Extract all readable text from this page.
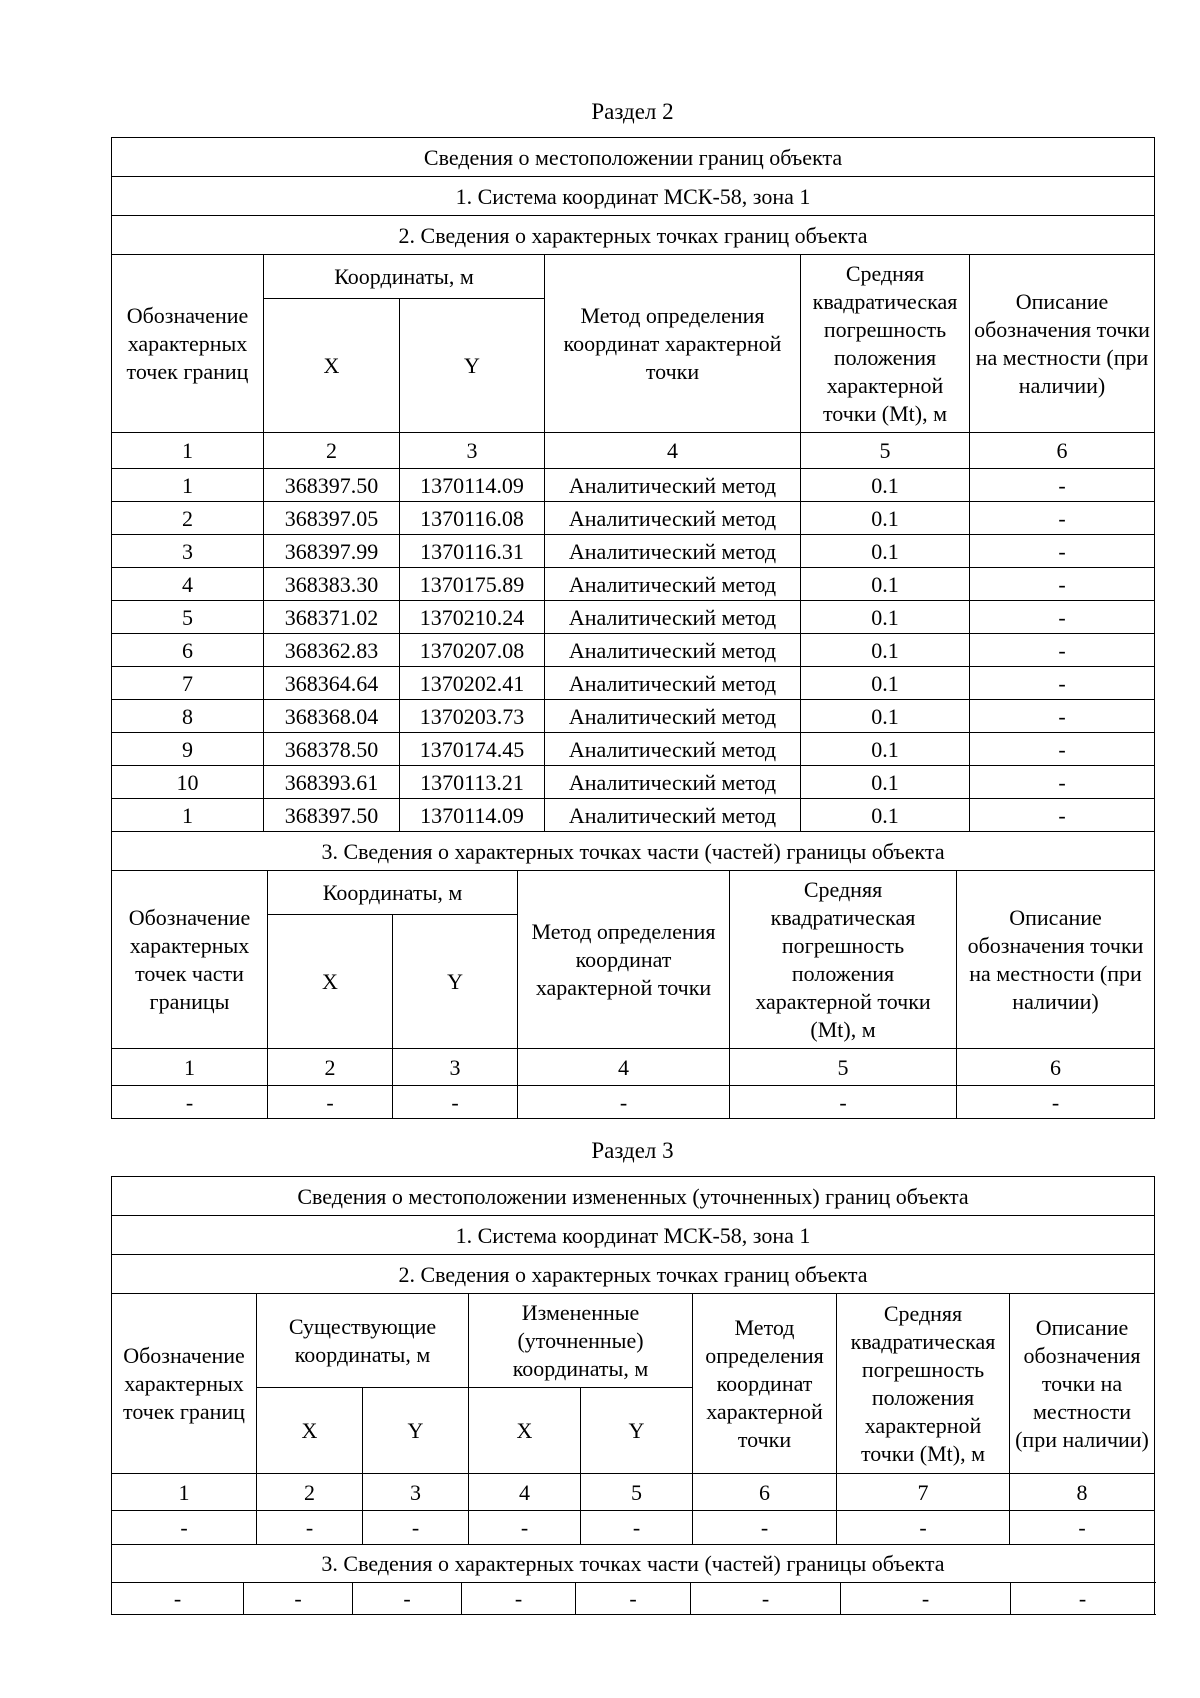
Раздел 2
Сведения о местоположении границ объекта					
1. Система координат МСК-58, зона 1					
2. Сведения о характерных точках границ объекта					
Обозначение характерных точек границ	Координаты, м		Метод определения координат характерной точки	Средняя квадратическая погрешность положения характерной точки (Mt), м	Описание обозначения точки на местности (при наличии)
	X	Y			
1	2	3	4	5	6
1	368397.50	1370114.09	Аналитический метод	0.1	-
2	368397.05	1370116.08	Аналитический метод	0.1	-
3	368397.99	1370116.31	Аналитический метод	0.1	-
4	368383.30	1370175.89	Аналитический метод	0.1	-
5	368371.02	1370210.24	Аналитический метод	0.1	-
6	368362.83	1370207.08	Аналитический метод	0.1	-
7	368364.64	1370202.41	Аналитический метод	0.1	-
8	368368.04	1370203.73	Аналитический метод	0.1	-
9	368378.50	1370174.45	Аналитический метод	0.1	-
10	368393.61	1370113.21	Аналитический метод	0.1	-
1	368397.50	1370114.09	Аналитический метод	0.1	-
3. Сведения о характерных точках части (частей) границы объекта					
Обозначение характерных точек части границы	Координаты, м		Метод определения координат характерной точки	Средняя квадратическая погрешность положения характерной точки (Mt), м	Описание обозначения точки на местности (при наличии)
	X	Y			
1	2	3	4	5	6
-	-	-	-	-	-
Раздел 3
Сведения о местоположении измененных (уточненных) границ объекта							
1. Система координат МСК-58, зона 1							
2. Сведения о характерных точках границ объекта							
Обозначение характерных точек границ	Существующие координаты, м		Измененные (уточненные) координаты, м		Метод определения координат характерной точки	Средняя квадратическая погрешность положения характерной точки (Mt), м	Описание обозначения точки на местности (при наличии)
	X	Y	X	Y			
1	2	3	4	5	6	7	8
-	-	-	-	-	-	-	-
3. Сведения о характерных точках части (частей) границы объекта							
-	-	-	-	-	-	-	-
